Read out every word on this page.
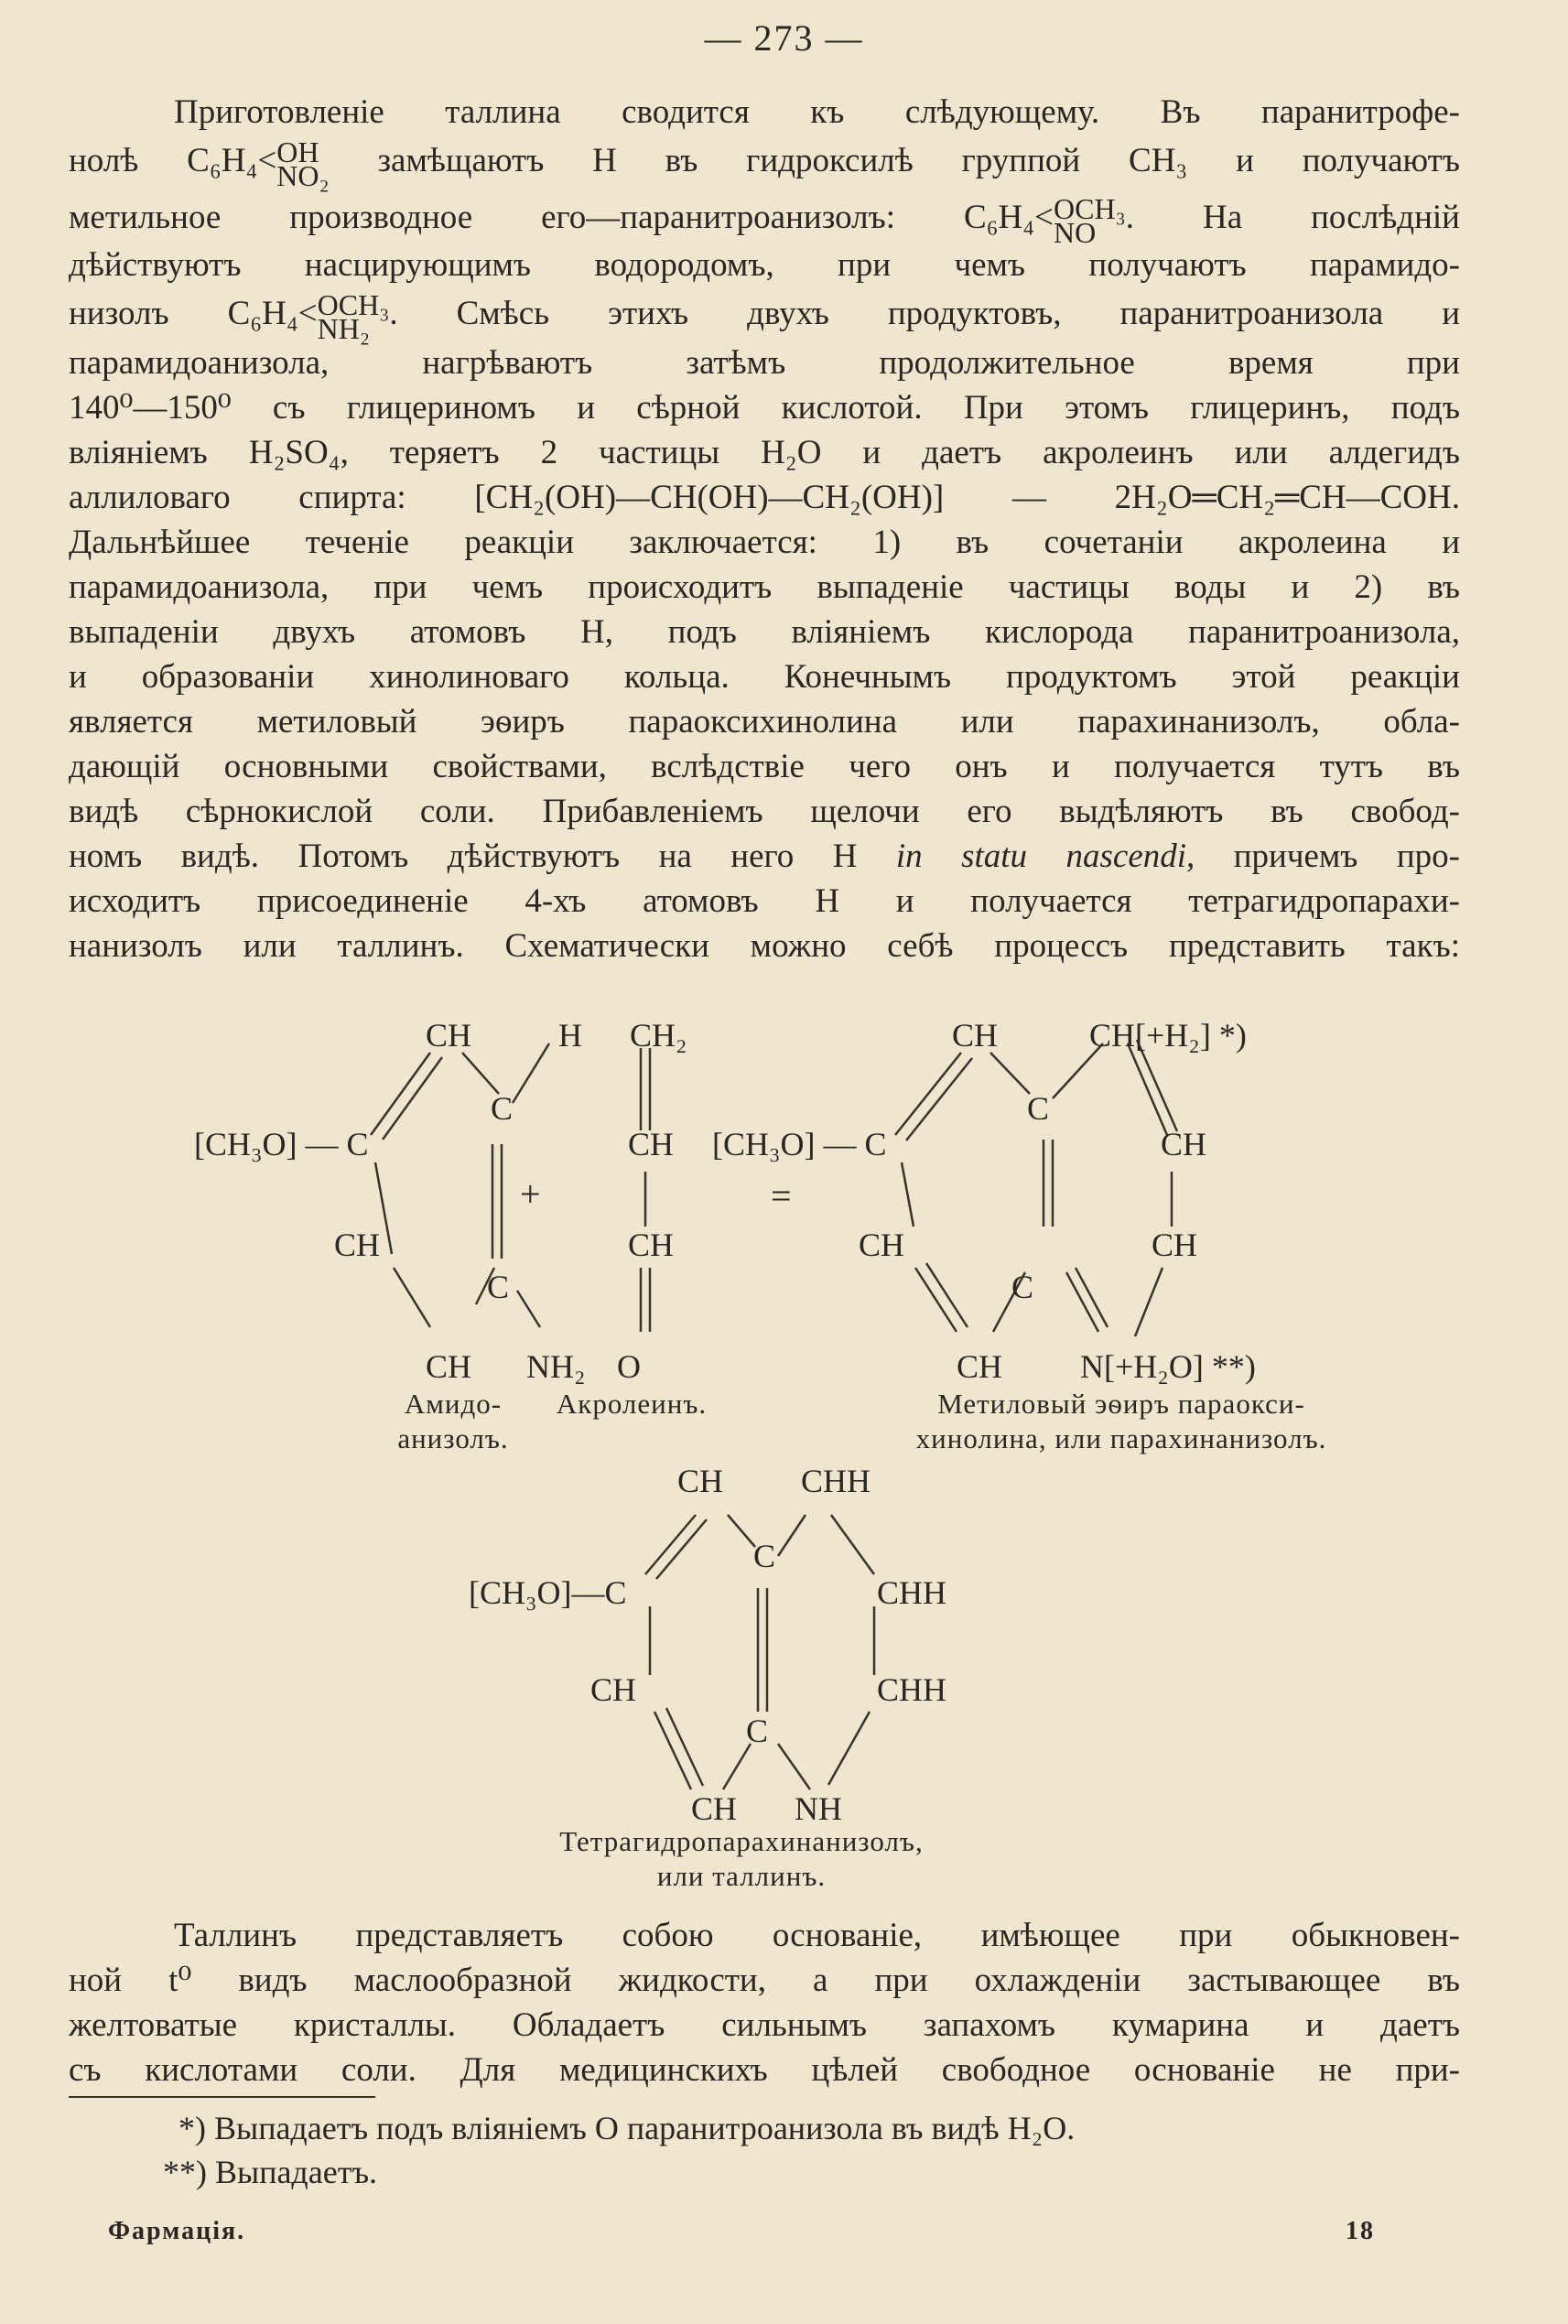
— 273 —
Приготовленіе таллина сводится къ слѣдующему. Въ паранитрофе-
нолѣ C₆H₄< OH
NO₂ замѣщаютъ H въ гидроксилѣ группой CH₃ и получаютъ
метильное производное его—паранитроанизолъ: C₆H₄< OCH₃
NO . На послѣдній
дѣйствуютъ насцирующимъ водородомъ, при чемъ получаютъ парамидо-
низолъ C₆H₄< OCH₃
NH₂ . Смѣсь этихъ двухъ продуктовъ, паранитроанизола и
парамидоанизола, нагрѣваютъ затѣмъ продолжительное время при
140⁰—150⁰ съ глицериномъ и сѣрной кислотой. При этомъ глицеринъ, подъ
вліяніемъ H₂SO₄, теряетъ 2 частицы H₂O и даетъ акролеинъ или алдегидъ
аллиловаго спирта: [CH₂(OH)—CH(OH)—CH₂(OH)] — 2H₂O═CH₂═CH—COH.
Дальнѣйшее теченіе реакціи заключается: 1) въ сочетаніи акролеина и
парамидоанизола, при чемъ происходитъ выпаденіе частицы воды и 2) въ
выпаденіи двухъ атомовъ H, подъ вліяніемъ кислорода паранитроанизола,
и образованіи хинолиноваго кольца. Конечнымъ продуктомъ этой реакціи
является метиловый эѳиръ параоксихинолина или парахинанизолъ, обла-
дающій основными свойствами, вслѣдствіе чего онъ и получается тутъ въ
видѣ сѣрнокислой соли. Прибавленіемъ щелочи его выдѣляютъ въ свобод-
номъ видѣ. Потомъ дѣйствуютъ на него H in statu nascendi, причемъ про-
исходитъ присоединеніе 4-хъ атомовъ H и получается тетрагидропарахи-
нанизолъ или таллинъ. Схематически можно себѣ процессъ представить такъ:
CH	H CH₂
C
[CH₃O] — C	CH
+
CH	CH
C
CH NH₂ O
CH	CH[+H₂] *)
C
[CH₃O] — C	CH
=
CH	CH
C
CH N[+H₂O] **)
CH CHH
C
[CH₃O]—C	CHH
CH	CHH
C
CH NH
Амидо-
анизолъ.
Акролеинъ.	Метиловый эѳиръ параокси-
хинолина, или парахинанизолъ.
Тетрагидропарахинанизолъ,
или таллинъ.
Таллинъ представляетъ собою основаніе, имѣющее при обыкновен-
ной t⁰ видъ маслообразной жидкости, а при охлажденіи застывающее въ
желтоватые кристаллы. Обладаетъ сильнымъ запахомъ кумарина и даетъ
съ кислотами соли. Для медицинскихъ цѣлей свободное основаніе не при-
*) Выпадаетъ подъ вліяніемъ O паранитроанизола въ видѣ H₂O.
**) Выпадаетъ.
Фармація.	18
